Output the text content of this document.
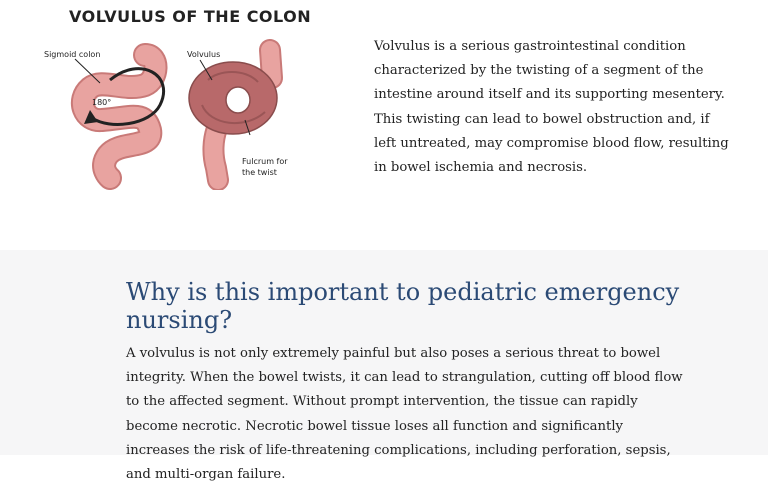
VOLVULUS OF THE COLON
Sigmoid colon
180°
Volvulus
Fulcrum for
the twist

Volvulus is a serious gastrointestinal condition characterized by the twisting of a segment of the intestine around itself and its supporting mesentery. This twisting can lead to bowel obstruction and, if left untreated, may compromise blood flow, resulting in bowel ischemia and necrosis.

Why is this important to pediatric emergency nursing?

A volvulus is not only extremely painful but also poses a serious threat to bowel integrity. When the bowel twists, it can lead to strangulation, cutting off blood flow to the affected segment. Without prompt intervention, the tissue can rapidly become necrotic. Necrotic bowel tissue loses all function and significantly increases the risk of life-threatening complications, including perforation, sepsis, and multi-organ failure.
